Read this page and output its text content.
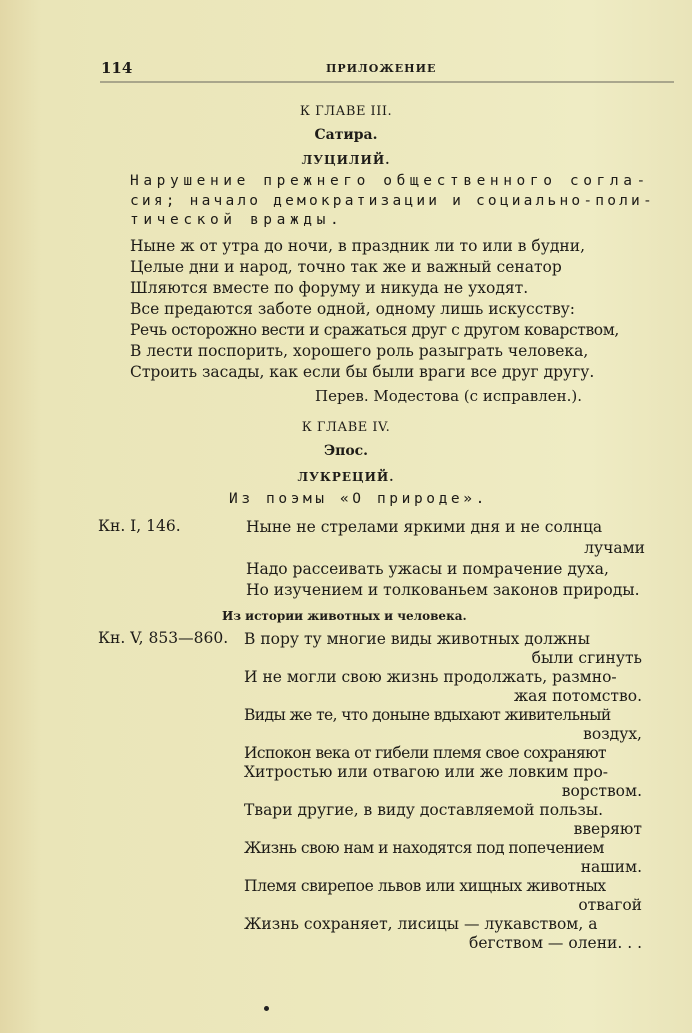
114	ПРИЛОЖЕНИЕ
К ГЛАВЕ III.
Сатира.
ЛУЦИЛИЙ.
Нарушение прежнего общественного согла-
сия; начало демократизации и социально-поли-
тической вражды.
Ныне ж от утра до ночи, в праздник ли то или в будни,
Целые дни и народ, точно так же и важный сенатор
Шляются вместе по форуму и никуда не уходят.
Все предаются заботе одной, одному лишь искусству:
Речь осторожно вести и сражаться друг с другом коварством,
В лести поспорить, хорошего роль разыграть человека,
Строить засады, как если бы были враги все друг другу.
Перев. Модестова (с исправлен.).
К ГЛАВЕ IV.
Эпос.
ЛУКРЕЦИЙ.
Из поэмы «О природе».
Кн. I, 146.	Ныне не стрелами яркими дня и не солнца
лучами
Надо рассеивать ужасы и помрачение духа,
Но изучением и толкованьем законов природы.
Из истории животных и человека.
Кн. V, 853—860. В пору ту многие виды животных должны
были сгинуть
И не могли свою жизнь продолжать, размно-
жая потомство.
Виды же те, что доныне вдыхают живительный
воздух,
Испокон века от гибели племя свое сохраняют
Хитростью или отвагою или же ловким про-
ворством.
Твари другие, в виду доставляемой пользы.
вверяют
Жизнь свою нам и находятся под попечением
нашим.
Племя свирепое львов или хищных животных
отвагой
Жизнь сохраняет, лисицы — лукавством, а
бегством — олени. . .
